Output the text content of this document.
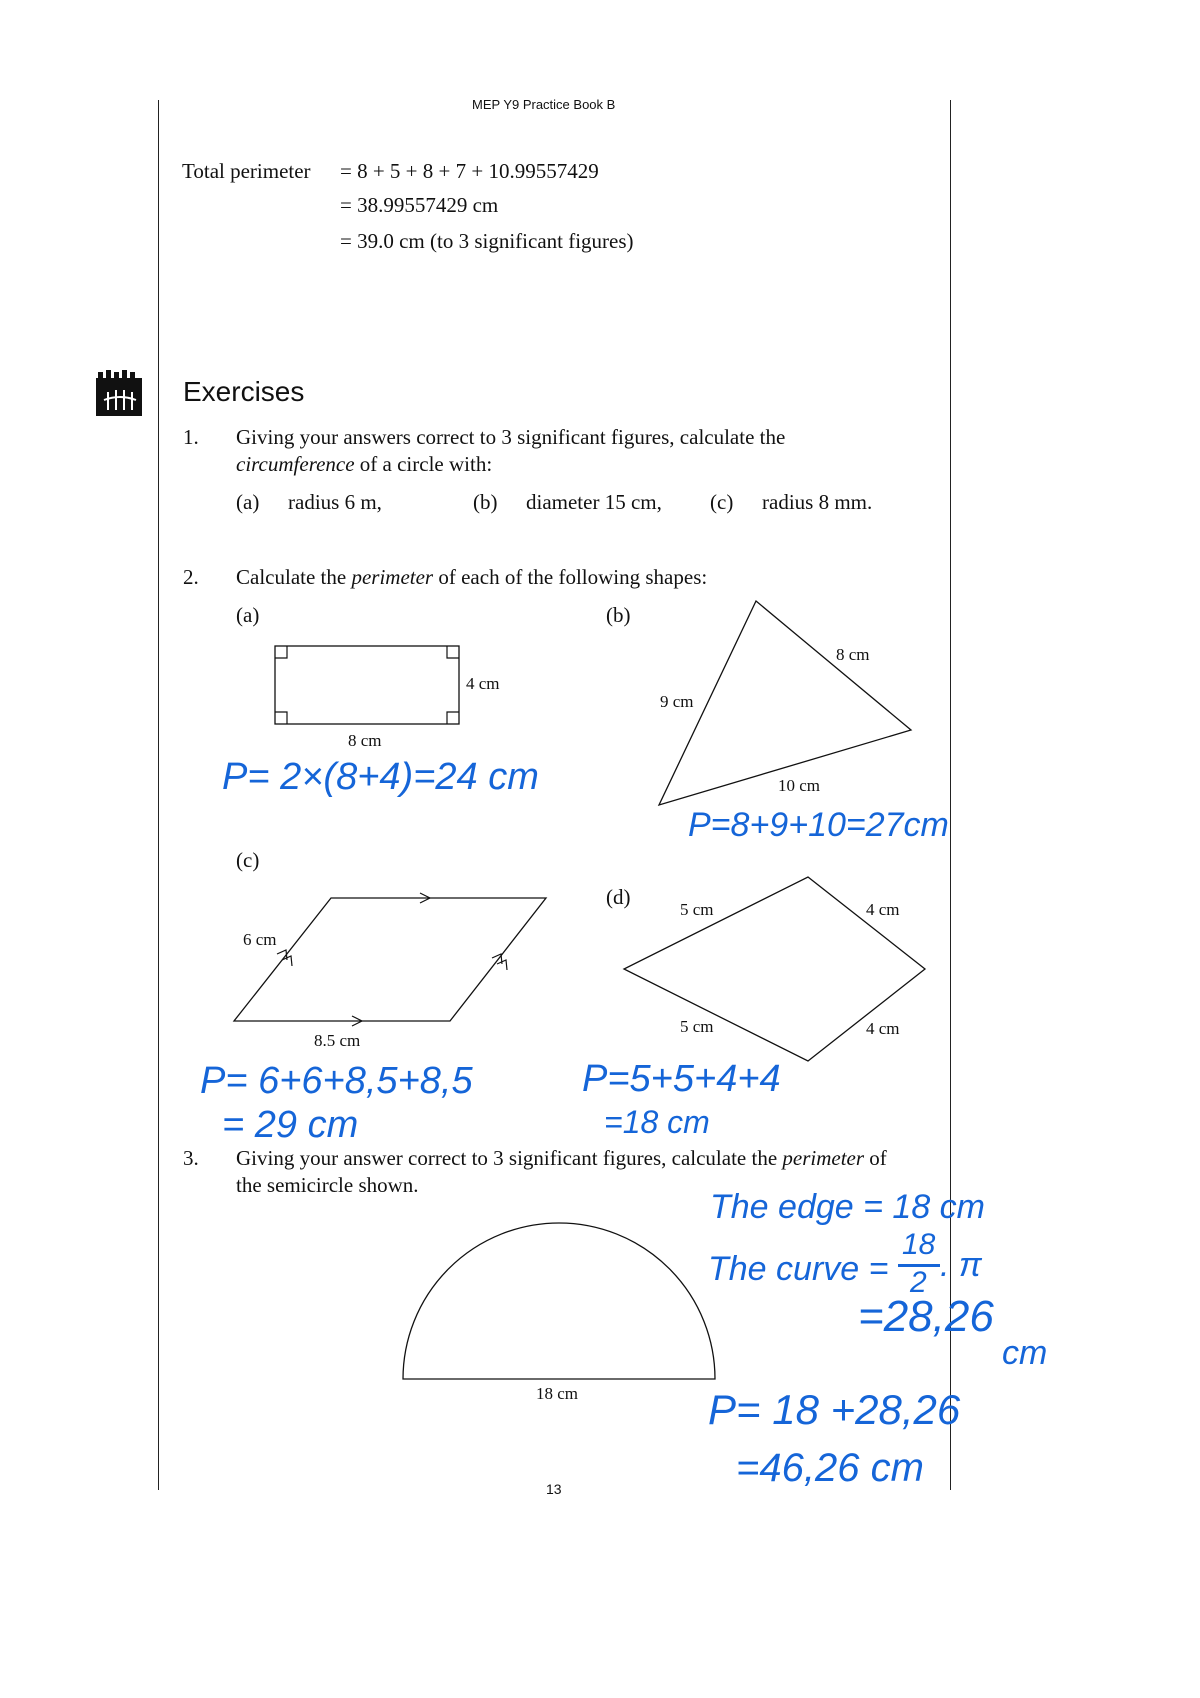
MEP Y9 Practice Book B
Total perimeter = 8 + 5 + 8 + 7 + 10.99557429
= 38.99557429 cm
= 39.0 cm (to 3 significant figures)
Exercises
1. Giving your answers correct to 3 significant figures, calculate the
circumference of a circle with:
(a) radius 6 m,	(b) diameter 15 cm, (c) radius 8 mm.
2. Calculate the perimeter of each of the following shapes:
(a)
4 cm
8 cm
(b)
9 cm
8 cm
10 cm
(c)
6 cm
8.5 cm
(d)
5 cm	4 cm
5 cm	4 cm
3. Giving your answer correct to 3 significant figures, calculate the perimeter of
the semicircle shown.
18 cm
P= 2×(8+4)=24 cm
P=8+9+10=27cm
P= 6+6+8,5+8,5
= 29 cm
P=5+5+4+4
=18 cm
The edge = 18 cm
The curve =
18
2 . π
=28,26
cm
P= 18 +28,26
=46,26 cm
13
